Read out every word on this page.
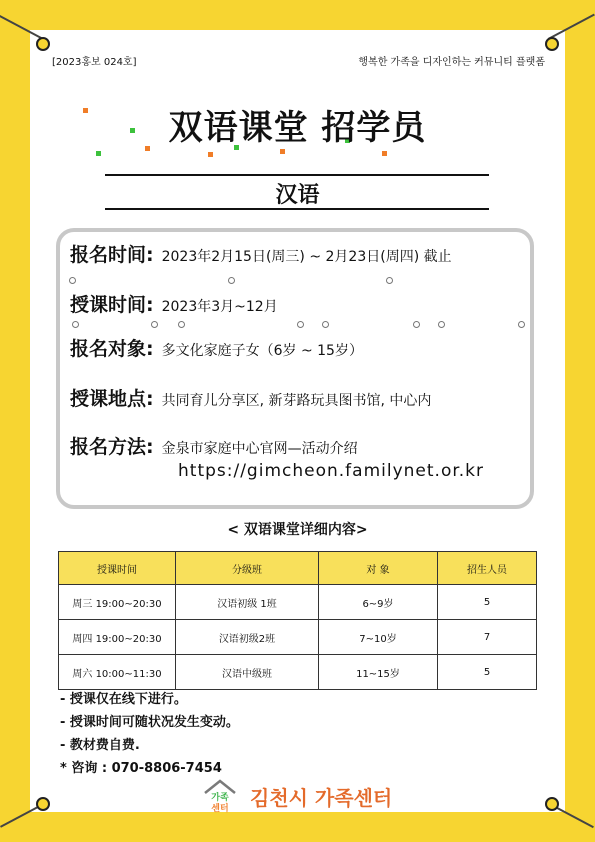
[2023홍보 024호]	행복한 가족을 디자인하는 커뮤니티 플랫폼
双语课堂 招学员
汉语
报名时间: 2023年2月15日(周三) ~ 2月23日(周四) 截止
授课时间: 2023年3月~12月
报名对象: 多文化家庭子女（6岁 ~ 15岁）
授课地点: 共同育儿分享区, 新芽路玩具图书馆, 中心内
报名方法: 金泉市家庭中心官网—活动介绍
https://gimcheon.familynet.or.kr
< 双语课堂详细内容>
授课时间	分级班	对 象	招生人员
周三 19:00~20:30	汉语初级 1班	6~9岁	5
周四 19:00~20:30	汉语初级2班	7~10岁	7
周六 10:00~11:30	汉语中级班	11~15岁	5
- 授课仅在线下进行。
- 授课时间可随状况发生变动。
- 教材费自费.
* 咨询 : 070-8806-7454
가족
센터 김천시 가족센터
